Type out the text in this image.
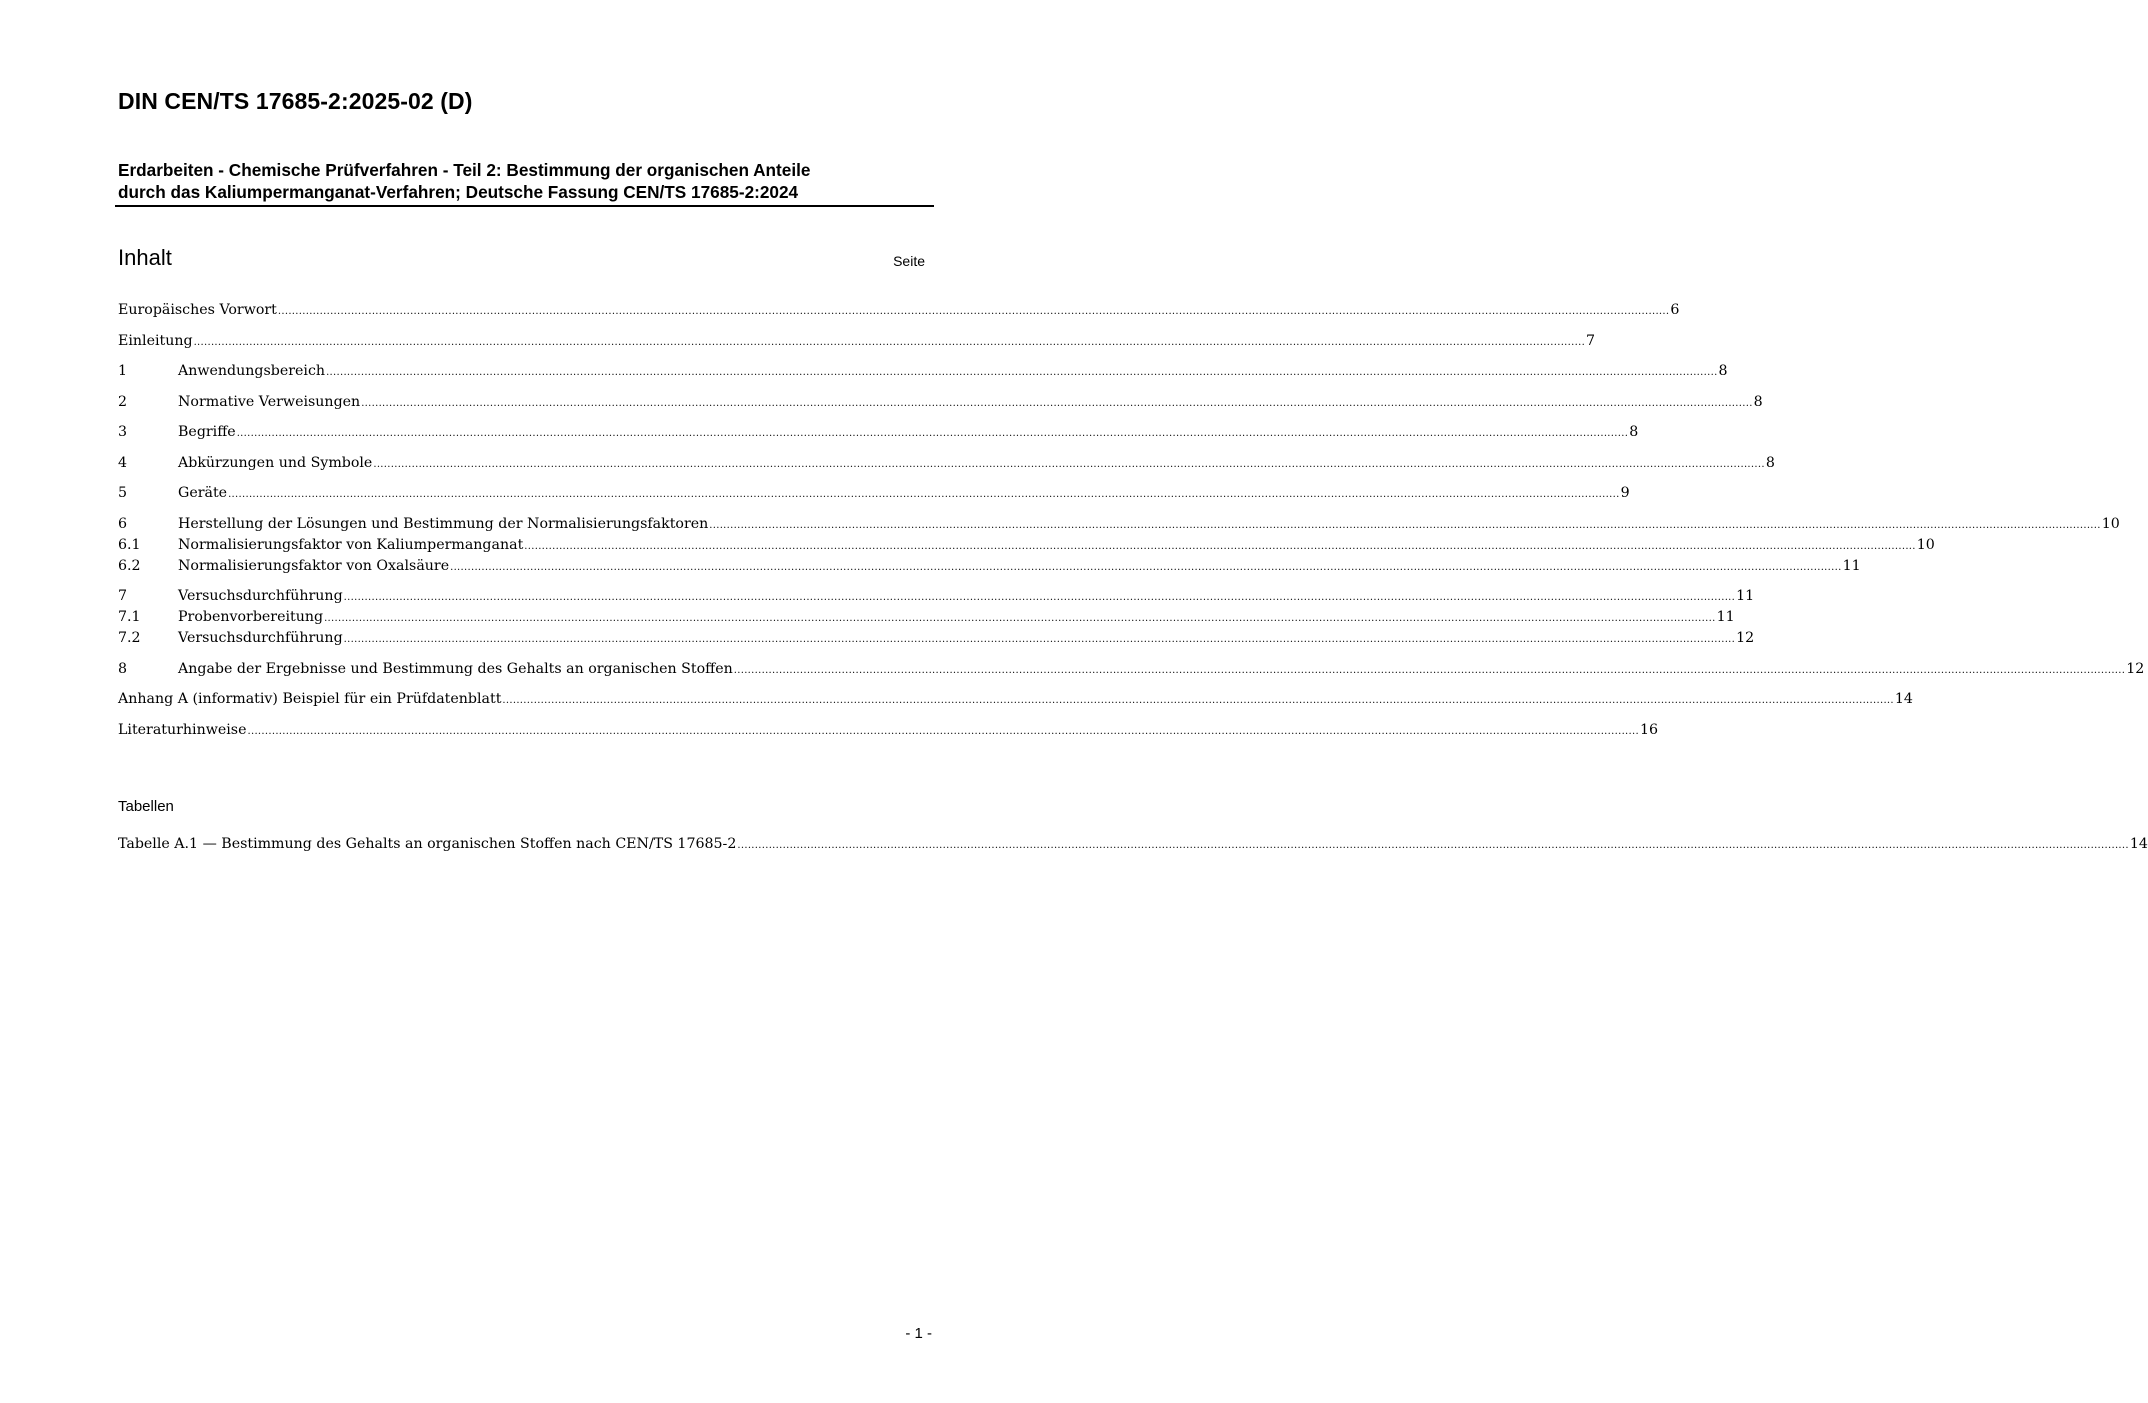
DIN CEN/TS 17685-2:2025-02 (D)
Erdarbeiten - Chemische Prüfverfahren - Teil 2: Bestimmung der organischen Anteile
durch das Kaliumpermanganat-Verfahren; Deutsche Fassung CEN/TS 17685-2:2024
Inhalt	Seite
Europäisches Vorwort ................................................................................................................................................................................................................................................................................................................................................................................................................ 6
Einleitung ................................................................................................................................................................................................................................................................................................................................................................................................................ 7
1	Anwendungsbereich ................................................................................................................................................................................................................................................................................................................................................................................................................ 8
2	Normative Verweisungen ................................................................................................................................................................................................................................................................................................................................................................................................................ 8
3	Begriffe ................................................................................................................................................................................................................................................................................................................................................................................................................ 8
4	Abkürzungen und Symbole ................................................................................................................................................................................................................................................................................................................................................................................................................ 8
5	Geräte ................................................................................................................................................................................................................................................................................................................................................................................................................ 9
6	Herstellung der Lösungen und Bestimmung der Normalisierungsfaktoren ................................................................................................................................................................................................................................................................................................................................................................................................................ 10
6.1	Normalisierungsfaktor von Kaliumpermanganat ................................................................................................................................................................................................................................................................................................................................................................................................................ 10
6.2	Normalisierungsfaktor von Oxalsäure ................................................................................................................................................................................................................................................................................................................................................................................................................ 11
7	Versuchsdurchführung ................................................................................................................................................................................................................................................................................................................................................................................................................ 11
7.1	Probenvorbereitung ................................................................................................................................................................................................................................................................................................................................................................................................................ 11
7.2	Versuchsdurchführung ................................................................................................................................................................................................................................................................................................................................................................................................................ 12
8	Angabe der Ergebnisse und Bestimmung des Gehalts an organischen Stoffen ................................................................................................................................................................................................................................................................................................................................................................................................................ 12
Anhang A (informativ) Beispiel für ein Prüfdatenblatt ................................................................................................................................................................................................................................................................................................................................................................................................................ 14
Literaturhinweise ................................................................................................................................................................................................................................................................................................................................................................................................................ 16
Tabellen
Tabelle A.1 — Bestimmung des Gehalts an organischen Stoffen nach CEN/TS 17685-2 ................................................................................................................................................................................................................................................................................................................................................................................................................ 14
- 1 -
